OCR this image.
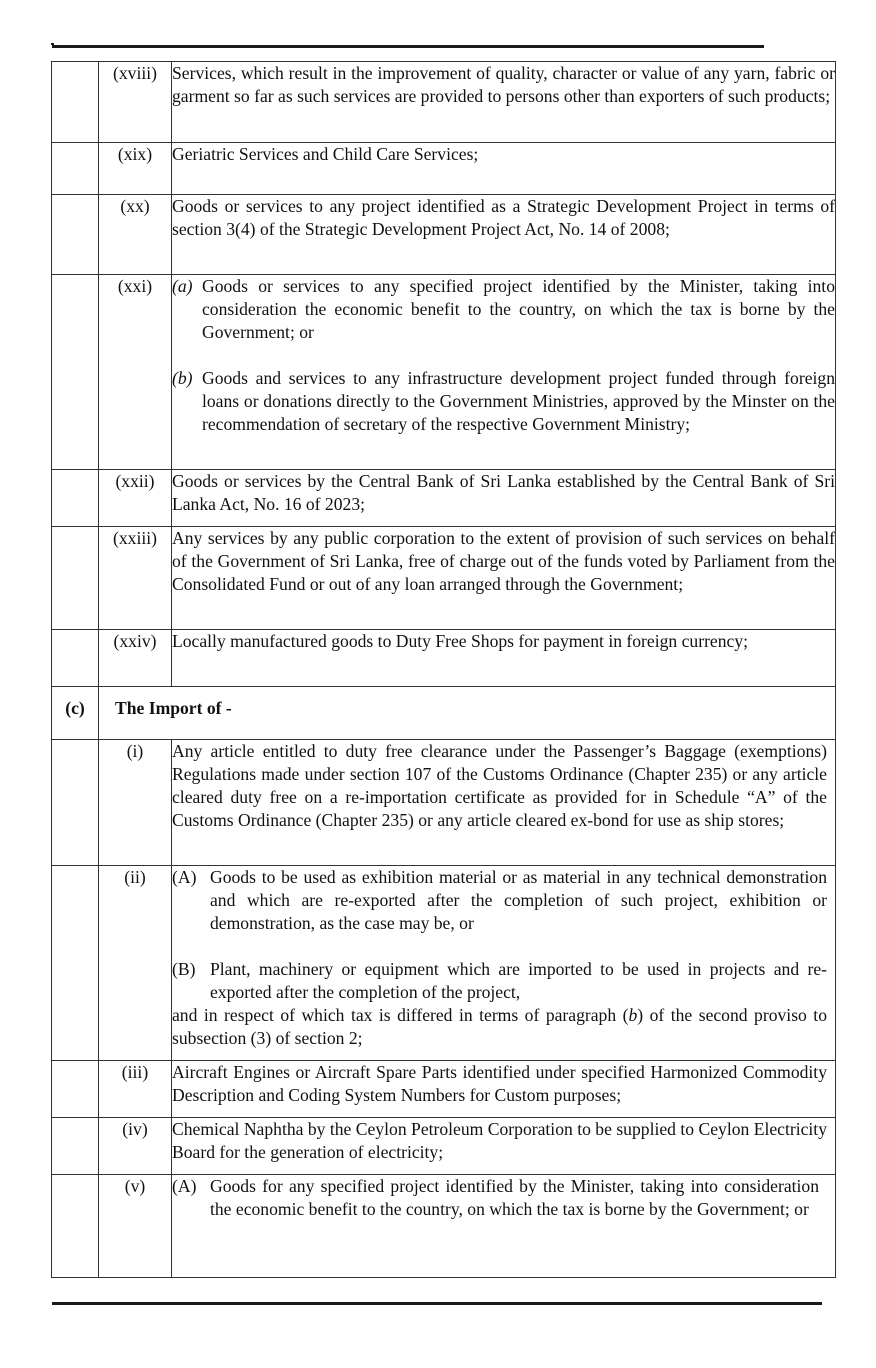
	(xviii)	Services, which result in the improvement of quality, character or value of any yarn, fabric or garment so far as such services are provided to persons other than exporters of such products;
	(xix)	Geriatric Services and Child Care Services;
	(xx)	Goods or services to any project identified as a Strategic Development Project in terms of section 3(4) of the Strategic Development Project Act, No. 14 of 2008;
	(xxi)	(a) Goods or services to any specified project identified by the Minister, taking into consideration the economic benefit to the country, on which the tax is borne by the Government; or

(b) Goods and services to any infrastructure development project funded through foreign loans or donations directly to the Government Ministries, approved by the Minster on the recommendation of secretary of the respective Government Ministry;

	(xxii)	Goods or services by the Central Bank of Sri Lanka established by the Central Bank of Sri Lanka Act, No. 16 of 2023;
	(xxiii)	Any services by any public corporation to the extent of provision of such services on behalf of the Government of Sri Lanka, free of charge out of the funds voted by Parliament from the Consolidated Fund or out of any loan arranged through the Government;
	(xxiv)	Locally manufactured goods to Duty Free Shops for payment in foreign currency;
(c)	The Import of -	
	(i)	Any article entitled to duty free clearance under the Passenger’s Baggage (exemptions) Regulations made under section 107 of the Customs Ordinance (Chapter 235) or any article cleared duty free on a re-importation certificate as provided for in Schedule “A” of the Customs Ordinance (Chapter 235) or any article cleared ex-bond for use as ship stores;
	(ii)	(A) Goods to be used as exhibition material or as material in any technical demonstration and which are re-exported after the completion of such project, exhibition or demonstration, as the case may be, or

(B) Plant, machinery or equipment which are imported to be used in projects and re-exported after the completion of the project,

and in respect of which tax is differed in terms of paragraph (b) of the second proviso to subsection (3) of section 2;

	(iii)	Aircraft Engines or Aircraft Spare Parts identified under specified Harmonized Commodity Description and Coding System Numbers for Custom purposes;
	(iv)	Chemical Naphtha by the Ceylon Petroleum Corporation to be supplied to Ceylon Electricity Board for the generation of electricity;
	(v)	(A) Goods for any specified project identified by the Minister, taking into consideration the economic benefit to the country, on which the tax is borne by the Government; or
